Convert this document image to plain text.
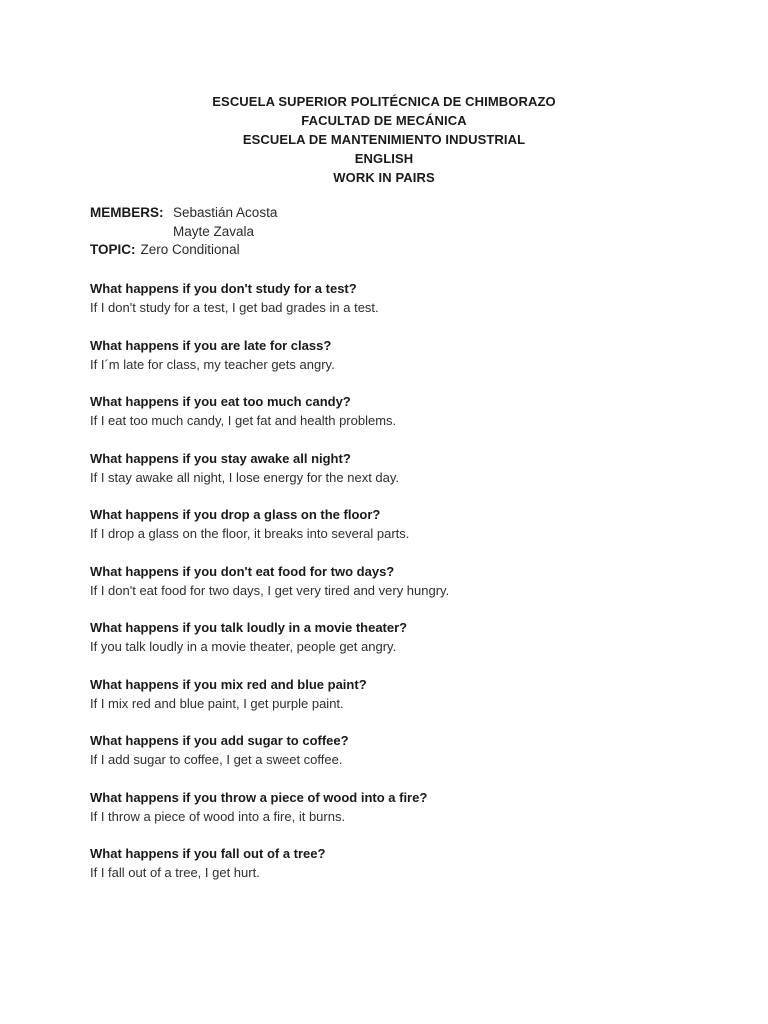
ESCUELA SUPERIOR POLITÉCNICA DE CHIMBORAZO
FACULTAD DE MECÁNICA
ESCUELA DE MANTENIMIENTO INDUSTRIAL
ENGLISH
WORK IN PAIRS
MEMBERS: Sebastián Acosta
Mayte Zavala
TOPIC: Zero Conditional
What happens if you don't study for a test?
If I don't study for a test, I get bad grades in a test.
What happens if you are late for class?
If I´m late for class, my teacher gets angry.
What happens if you eat too much candy?
If I eat too much candy, I get fat and health problems.
What happens if you stay awake all night?
If I stay awake all night, I lose energy for the next day.
What happens if you drop a glass on the floor?
If I drop a glass on the floor, it breaks into several parts.
What happens if you don't eat food for two days?
If I don't eat food for two days, I get very tired and very hungry.
What happens if you talk loudly in a movie theater?
If you talk loudly in a movie theater, people get angry.
What happens if you mix red and blue paint?
If I mix red and blue paint, I get purple paint.
What happens if you add sugar to coffee?
If I add sugar to coffee, I get a sweet coffee.
What happens if you throw a piece of wood into a fire?
If I throw a piece of wood into a fire, it burns.
What happens if you fall out of a tree?
If I fall out of a tree, I get hurt.
